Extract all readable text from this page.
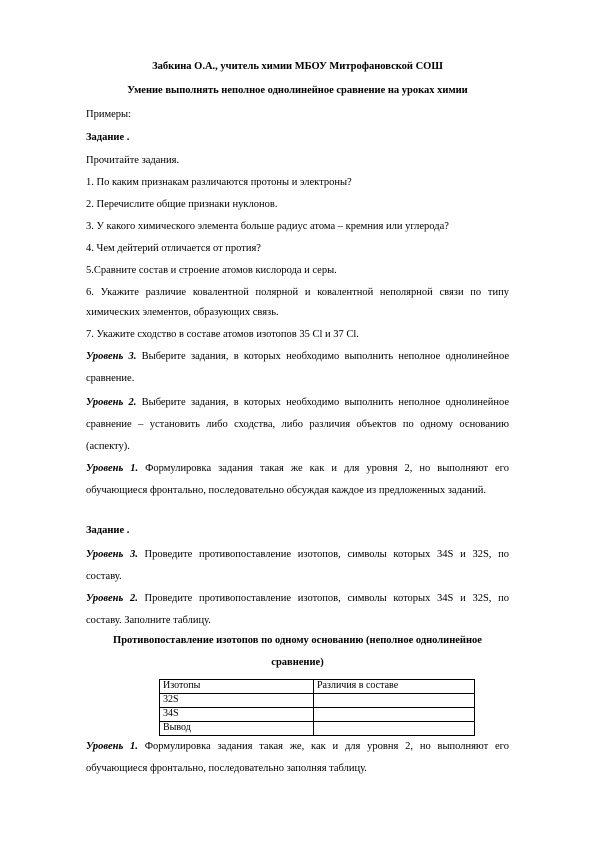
Забкина О.А., учитель химии МБОУ Митрофановской СОШ
Умение выполнять неполное однолинейное сравнение на уроках химии
Примеры:
Задание .
Прочитайте задания.
1. По каким признакам различаются протоны и электроны?
2. Перечислите общие признаки нуклонов.
3. У какого химического элемента больше радиус атома – кремния или углерода?
4. Чем дейтерий отличается от протия?
5.Сравните состав и строение атомов кислорода и серы.
6. Укажите различие ковалентной полярной и ковалентной неполярной связи по типу
химических элементов, образующих связь.
7. Укажите сходство в составе атомов изотопов 35 Cl и 37 Cl.
Уровень 3. Выберите задания, в которых необходимо выполнить неполное однолинейное
сравнение.
Уровень 2. Выберите задания, в которых необходимо выполнить неполное однолинейное
сравнение – установить либо сходства, либо различия объектов по одному основанию
(аспекту).
Уровень 1. Формулировка задания такая же как и для уровня 2, но выполняют его
обучающиеся фронтально, последовательно обсуждая каждое из предложенных заданий.
Задание .
Уровень 3. Проведите противопоставление изотопов, символы которых 34S и 32S, по
составу.
Уровень 2. Проведите противопоставление изотопов, символы которых 34S и 32S, по
составу. Заполните таблицу.
Противопоставление изотопов по одному основанию (неполное однолинейное
сравнение)
Изотопы	Различия в составе
32S	
34S	
Вывод	
Уровень 1. Формулировка задания такая же, как и для уровня 2, но выполняют его
обучающиеся фронтально, последовательно заполняя таблицу.
